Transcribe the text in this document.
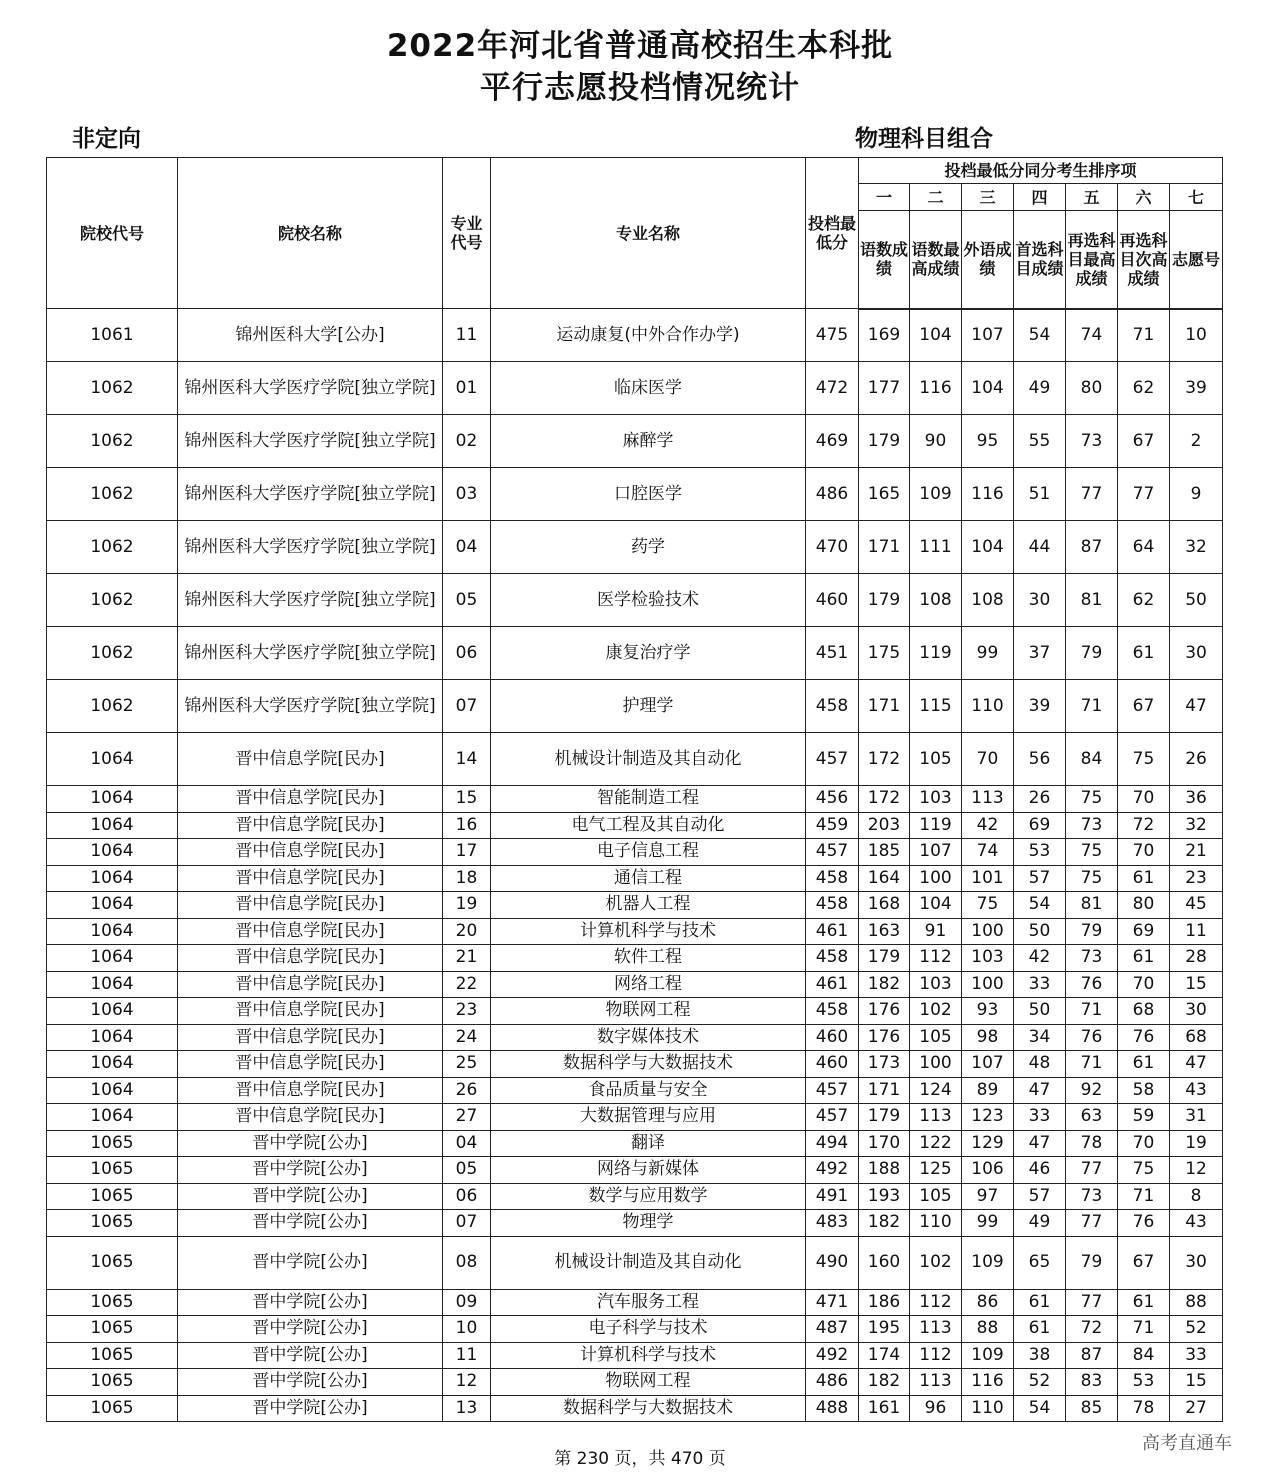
2022年河北省普通高校招生本科批
平行志愿投档情况统计
非定向	物理科目组合
院校代号	院校名称	专业代号	专业名称	投档最低分	投档最低分同分考生排序项						
					一	二	三	四	五	六	七
					语数成绩	语数最高成绩	外语成绩	首选科目成绩	再选科目最高成绩	再选科目次高成绩	志愿号
1061	锦州医科大学[公办]	11	运动康复(中外合作办学)	475	169	104	107	54	74	71	10
1062	锦州医科大学医疗学院[独立学院]	01	临床医学	472	177	116	104	49	80	62	39
1062	锦州医科大学医疗学院[独立学院]	02	麻醉学	469	179	90	95	55	73	67	2
1062	锦州医科大学医疗学院[独立学院]	03	口腔医学	486	165	109	116	51	77	77	9
1062	锦州医科大学医疗学院[独立学院]	04	药学	470	171	111	104	44	87	64	32
1062	锦州医科大学医疗学院[独立学院]	05	医学检验技术	460	179	108	108	30	81	62	50
1062	锦州医科大学医疗学院[独立学院]	06	康复治疗学	451	175	119	99	37	79	61	30
1062	锦州医科大学医疗学院[独立学院]	07	护理学	458	171	115	110	39	71	67	47
1064	晋中信息学院[民办]	14	机械设计制造及其自动化	457	172	105	70	56	84	75	26
1064	晋中信息学院[民办]	15	智能制造工程	456	172	103	113	26	75	70	36
1064	晋中信息学院[民办]	16	电气工程及其自动化	459	203	119	42	69	73	72	32
1064	晋中信息学院[民办]	17	电子信息工程	457	185	107	74	53	75	70	21
1064	晋中信息学院[民办]	18	通信工程	458	164	100	101	57	75	61	23
1064	晋中信息学院[民办]	19	机器人工程	458	168	104	75	54	81	80	45
1064	晋中信息学院[民办]	20	计算机科学与技术	461	163	91	100	50	79	69	11
1064	晋中信息学院[民办]	21	软件工程	458	179	112	103	42	73	61	28
1064	晋中信息学院[民办]	22	网络工程	461	182	103	100	33	76	70	15
1064	晋中信息学院[民办]	23	物联网工程	458	176	102	93	50	71	68	30
1064	晋中信息学院[民办]	24	数字媒体技术	460	176	105	98	34	76	76	68
1064	晋中信息学院[民办]	25	数据科学与大数据技术	460	173	100	107	48	71	61	47
1064	晋中信息学院[民办]	26	食品质量与安全	457	171	124	89	47	92	58	43
1064	晋中信息学院[民办]	27	大数据管理与应用	457	179	113	123	33	63	59	31
1065	晋中学院[公办]	04	翻译	494	170	122	129	47	78	70	19
1065	晋中学院[公办]	05	网络与新媒体	492	188	125	106	46	77	75	12
1065	晋中学院[公办]	06	数学与应用数学	491	193	105	97	57	73	71	8
1065	晋中学院[公办]	07	物理学	483	182	110	99	49	77	76	43
1065	晋中学院[公办]	08	机械设计制造及其自动化	490	160	102	109	65	79	67	30
1065	晋中学院[公办]	09	汽车服务工程	471	186	112	86	61	77	61	88
1065	晋中学院[公办]	10	电子科学与技术	487	195	113	88	61	72	71	52
1065	晋中学院[公办]	11	计算机科学与技术	492	174	112	109	38	87	84	33
1065	晋中学院[公办]	12	物联网工程	486	182	113	116	52	83	53	15
1065	晋中学院[公办]	13	数据科学与大数据技术	488	161	96	110	54	85	78	27
第 230 页，共 470 页
高考直通车
